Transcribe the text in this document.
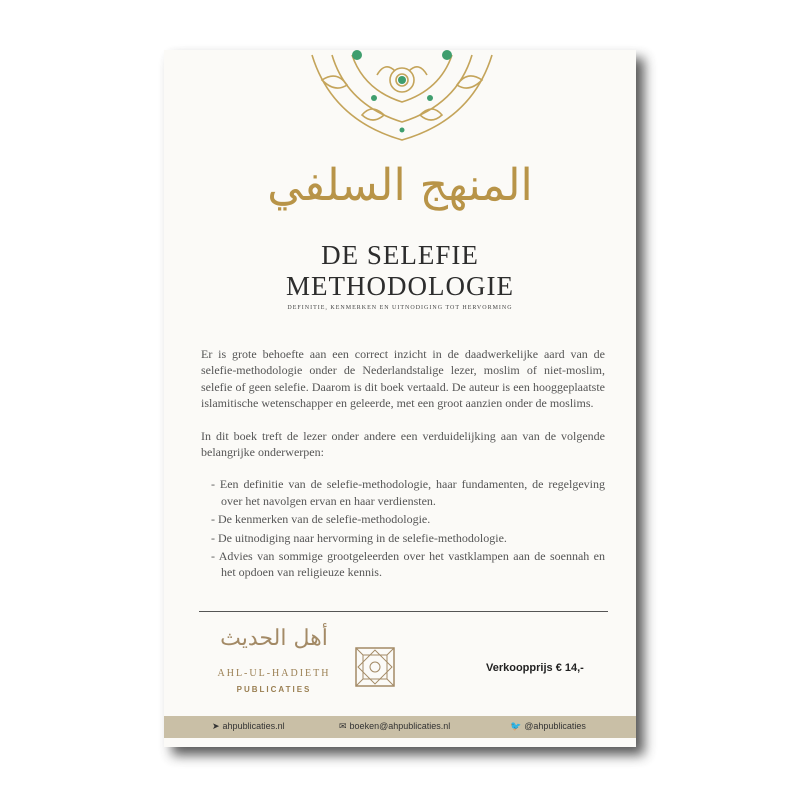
المنهج السلفي
DE SELEFIE
METHODOLOGIE
DEFINITIE, KENMERKEN EN UITNODIGING TOT HERVORMING

Er is grote behoefte aan een correct inzicht in de daadwerkelijke aard van de selefie-methodologie onder de Nederlandstalige lezer, moslim of niet-moslim, selefie of geen selefie. Daarom is dit boek vertaald. De auteur is een hooggeplaatste islamitische wetenschapper en geleerde, met een groot aanzien onder de moslims.

In dit boek treft de lezer onder andere een verduidelijking aan van de volgende belangrijke onderwerpen:

- Een definitie van de selefie-methodologie, haar fundamenten, de regelgeving over het navolgen ervan en haar verdiensten.
- De kenmerken van de selefie-methodologie.
- De uitnodiging naar hervorming in de selefie-methodologie.
- Advies van sommige grootgeleerden over het vastklampen aan de soennah en het opdoen van religieuze kennis.
أهل الحديث
AHL-UL-HADIETH
PUBLICATIES
Verkoopprijs € 14,-
➤ ahpublicaties.nl	✉ boeken@ahpublicaties.nl	🐦 @ahpublicaties
